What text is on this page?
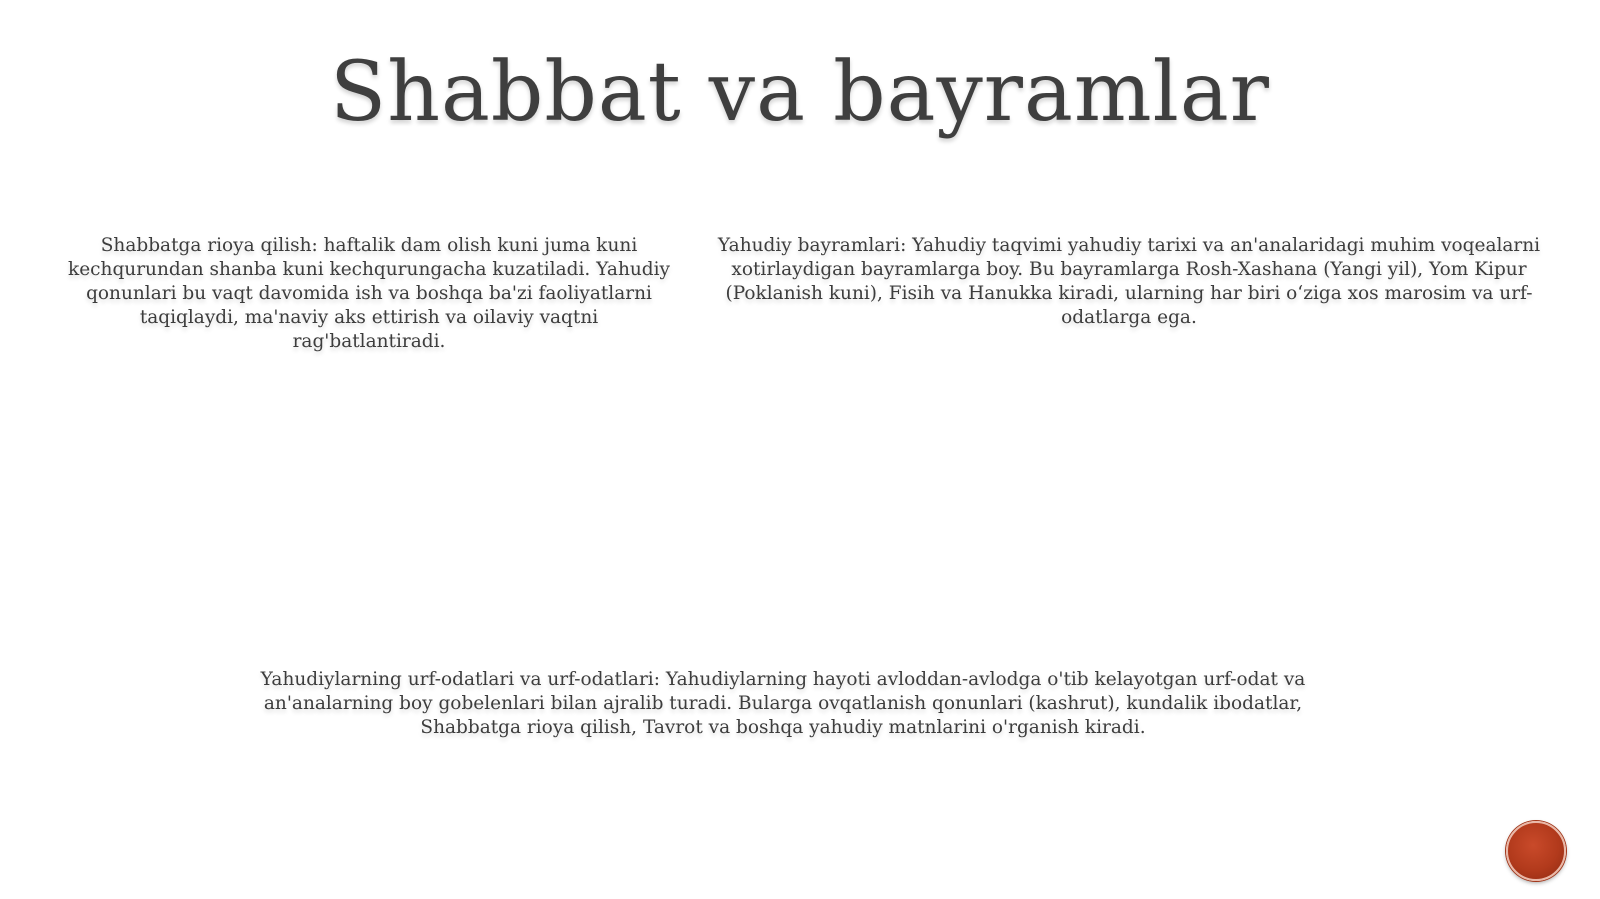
Shabbat va bayramlar
Shabbatga rioya qilish: haftalik dam olish kuni juma kuni kechqurundan shanba kuni kechqurungacha kuzatiladi. Yahudiy qonunlari bu vaqt davomida ish va boshqa ba'zi faoliyatlarni taqiqlaydi, ma'naviy aks ettirish va oilaviy vaqtni rag'batlantiradi.
Yahudiy bayramlari: Yahudiy taqvimi yahudiy tarixi va an'analaridagi muhim voqealarni xotirlaydigan bayramlarga boy. Bu bayramlarga Rosh-Xashana (Yangi yil), Yom Kipur (Poklanish kuni), Fisih va Hanukka kiradi, ularning har biri o‘ziga xos marosim va urf-odatlarga ega.
Yahudiylarning urf-odatlari va urf-odatlari: Yahudiylarning hayoti avloddan-avlodga o'tib kelayotgan urf-odat va an'analarning boy gobelenlari bilan ajralib turadi. Bularga ovqatlanish qonunlari (kashrut), kundalik ibodatlar, Shabbatga rioya qilish, Tavrot va boshqa yahudiy matnlarini o'rganish kiradi.
